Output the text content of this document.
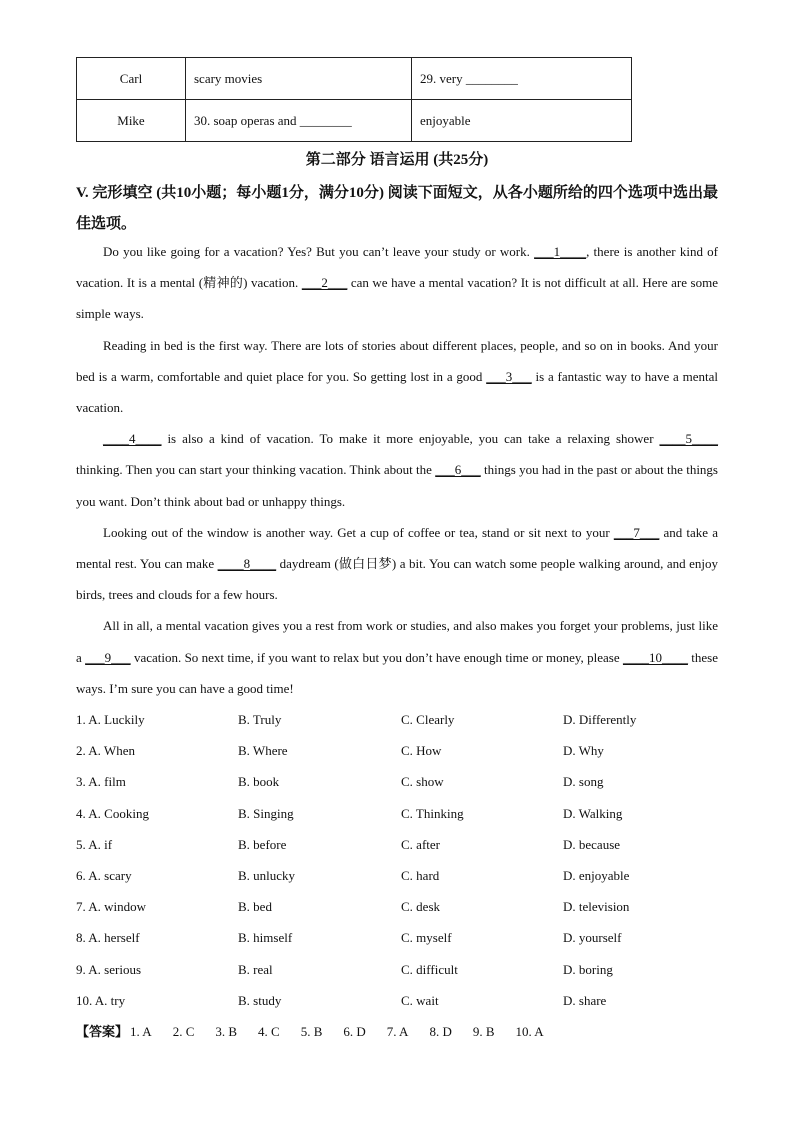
Carl	scary movies	29. very ________
Mike	30. soap operas and ________	enjoyable
第二部分 语言运用 (共25分)
V. 完形填空 (共10小题；每小题1分，满分10分) 阅读下面短文，从各小题所给的四个选项中选出最佳选项。

Do you like going for a vacation? Yes? But you can’t leave your study or work. ___1____, there is another kind of vacation. It is a mental (精神的) vacation. ___2___ can we have a mental vacation? It is not difficult at all. Here are some simple ways.

Reading in bed is the first way. There are lots of stories about different places, people, and so on in books. And your bed is a warm, comfortable and quiet place for you. So getting lost in a good ___3___ is a fantastic way to have a mental vacation.

____4____ is also a kind of vacation. To make it more enjoyable, you can take a relaxing shower ____5____ thinking. Then you can start your thinking vacation. Think about the ___6___ things you had in the past or about the things you want. Don’t think about bad or unhappy things.

Looking out of the window is another way. Get a cup of coffee or tea, stand or sit next to your ___7___ and take a mental rest. You can make ____8____ daydream (做白日梦) a bit. You can watch some people walking around, and enjoy birds, trees and clouds for a few hours.

All in all, a mental vacation gives you a rest from work or studies, and also makes you forget your problems, just like a ___9___ vacation. So next time, if you want to relax but you don’t have enough time or money, please ____10____ these ways. I’m sure you can have a good time!

1. A. Luckily	B. Truly	C. Clearly	D. Differently
2. A. When	B. Where	C. How	D. Why
3. A. film	B. book	C. show	D. song
4. A. Cooking	B. Singing	C. Thinking	D. Walking
5. A. if	B. before	C. after	D. because
6. A. scary	B. unlucky	C. hard	D. enjoyable
7. A. window	B. bed	C. desk	D. television
8. A. herself	B. himself	C. myself	D. yourself
9. A. serious	B. real	C. difficult	D. boring
10. A. try	B. study	C. wait	D. share
【答案】 1. A 2. C 3. B 4. C 5. B 6. D 7. A 8. D 9. B 10. A
